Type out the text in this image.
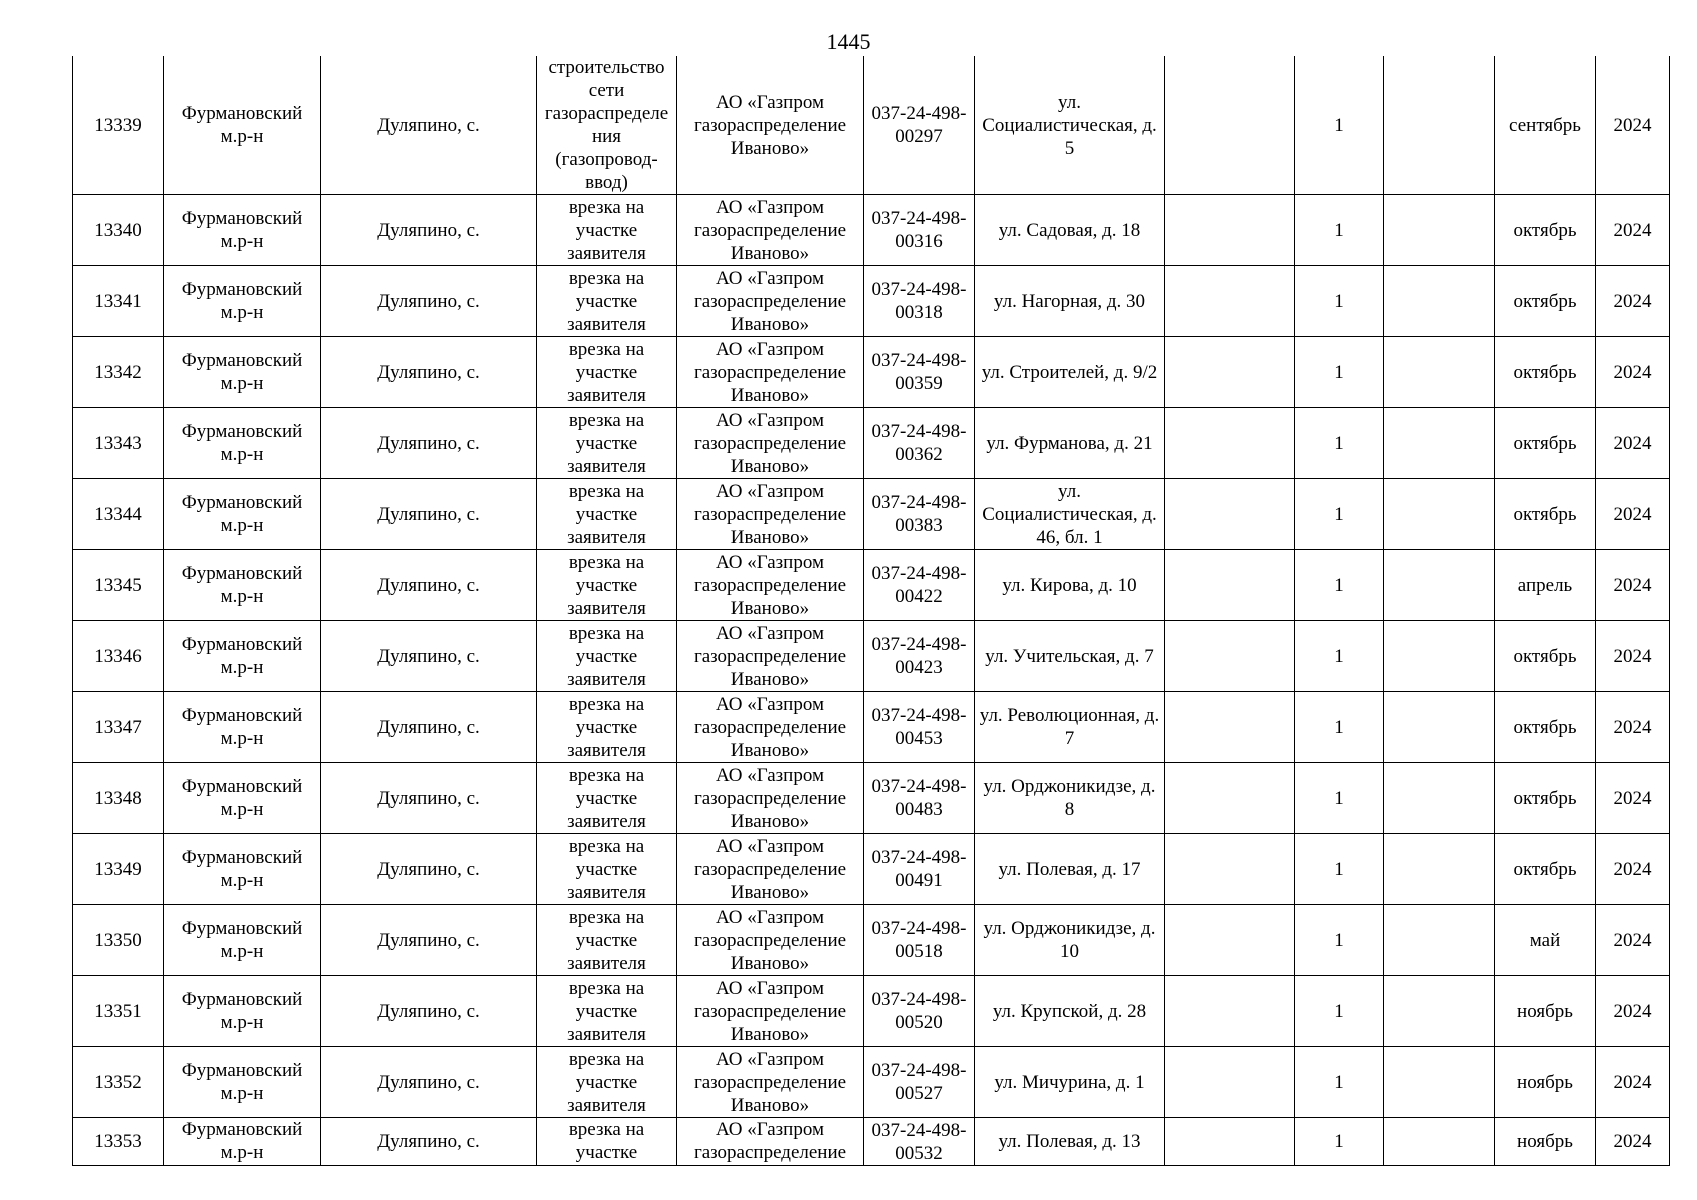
1445
13339	Фурмановский м.р-н	Дуляпино, с.	строительство сети газораспределения (газопровод-ввод)	АО «Газпром газораспределение Иваново»	037-24-498-00297	ул. Социалистическая, д. 5		1		сентябрь	2024
13340	Фурмановский м.р-н	Дуляпино, с.	врезка на участке заявителя	АО «Газпром газораспределение Иваново»	037-24-498-00316	ул. Садовая, д. 18		1		октябрь	2024
13341	Фурмановский м.р-н	Дуляпино, с.	врезка на участке заявителя	АО «Газпром газораспределение Иваново»	037-24-498-00318	ул. Нагорная, д. 30		1		октябрь	2024
13342	Фурмановский м.р-н	Дуляпино, с.	врезка на участке заявителя	АО «Газпром газораспределение Иваново»	037-24-498-00359	ул. Строителей, д. 9/2		1		октябрь	2024
13343	Фурмановский м.р-н	Дуляпино, с.	врезка на участке заявителя	АО «Газпром газораспределение Иваново»	037-24-498-00362	ул. Фурманова, д. 21		1		октябрь	2024
13344	Фурмановский м.р-н	Дуляпино, с.	врезка на участке заявителя	АО «Газпром газораспределение Иваново»	037-24-498-00383	ул. Социалистическая, д. 46, бл. 1		1		октябрь	2024
13345	Фурмановский м.р-н	Дуляпино, с.	врезка на участке заявителя	АО «Газпром газораспределение Иваново»	037-24-498-00422	ул. Кирова, д. 10		1		апрель	2024
13346	Фурмановский м.р-н	Дуляпино, с.	врезка на участке заявителя	АО «Газпром газораспределение Иваново»	037-24-498-00423	ул. Учительская, д. 7		1		октябрь	2024
13347	Фурмановский м.р-н	Дуляпино, с.	врезка на участке заявителя	АО «Газпром газораспределение Иваново»	037-24-498-00453	ул. Революционная, д. 7		1		октябрь	2024
13348	Фурмановский м.р-н	Дуляпино, с.	врезка на участке заявителя	АО «Газпром газораспределение Иваново»	037-24-498-00483	ул. Орджоникидзе, д. 8		1		октябрь	2024
13349	Фурмановский м.р-н	Дуляпино, с.	врезка на участке заявителя	АО «Газпром газораспределение Иваново»	037-24-498-00491	ул. Полевая, д. 17		1		октябрь	2024
13350	Фурмановский м.р-н	Дуляпино, с.	врезка на участке заявителя	АО «Газпром газораспределение Иваново»	037-24-498-00518	ул. Орджоникидзе, д. 10		1		май	2024
13351	Фурмановский м.р-н	Дуляпино, с.	врезка на участке заявителя	АО «Газпром газораспределение Иваново»	037-24-498-00520	ул. Крупской, д. 28		1		ноябрь	2024
13352	Фурмановский м.р-н	Дуляпино, с.	врезка на участке заявителя	АО «Газпром газораспределение Иваново»	037-24-498-00527	ул. Мичурина, д. 1		1		ноябрь	2024
13353	Фурмановский м.р-н	Дуляпино, с.	врезка на участке	АО «Газпром газораспределение	037-24-498-00532	ул. Полевая, д. 13		1		ноябрь	2024
